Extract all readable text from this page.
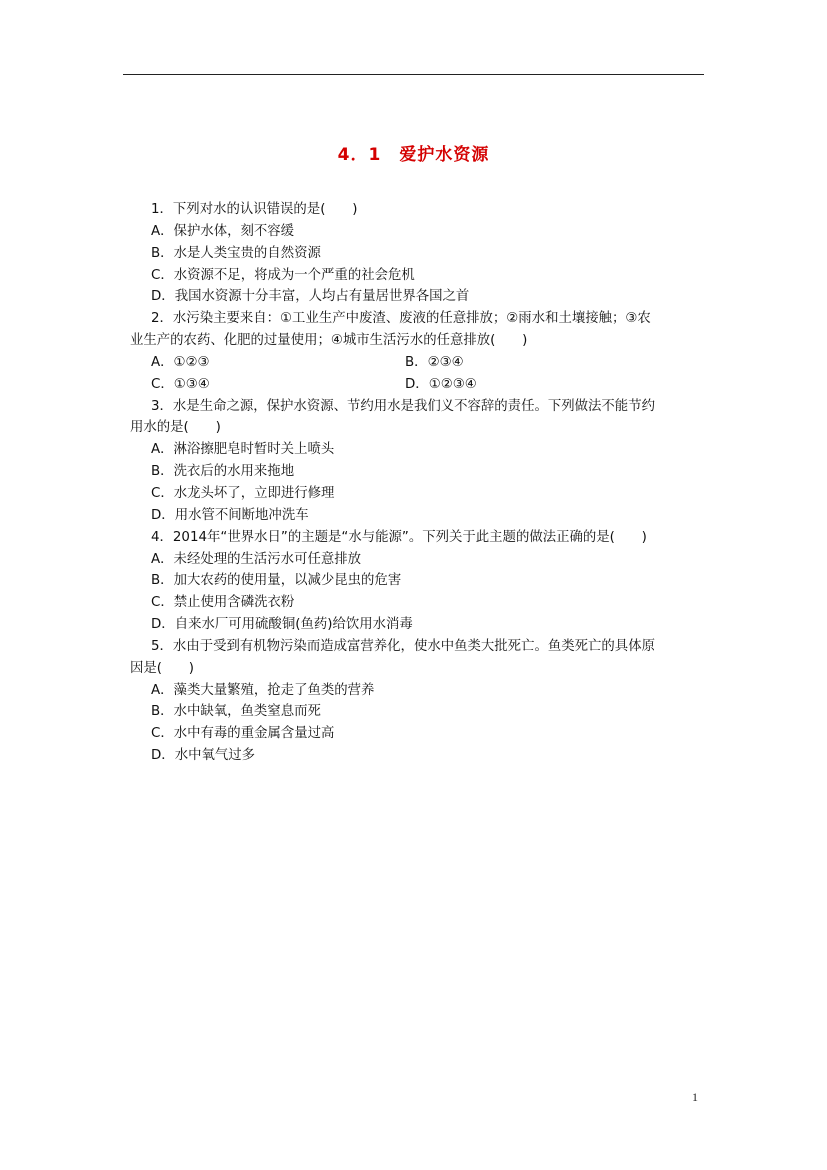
4．1　爱护水资源
1．下列对水的认识错误的是(　　)
A．保护水体，刻不容缓
B．水是人类宝贵的自然资源
C．水资源不足，将成为一个严重的社会危机
D．我国水资源十分丰富，人均占有量居世界各国之首
2．水污染主要来自：①工业生产中废渣、废液的任意排放；②雨水和土壤接触；③农
业生产的农药、化肥的过量使用；④城市生活污水的任意排放(　　)
A．①②③	B．②③④
C．①③④	D．①②③④
3．水是生命之源，保护水资源、节约用水是我们义不容辞的责任。下列做法不能节约
用水的是(　　)
A．淋浴擦肥皂时暂时关上喷头
B．洗衣后的水用来拖地
C．水龙头坏了，立即进行修理
D．用水管不间断地冲洗车
4．2014年“世界水日”的主题是“水与能源”。下列关于此主题的做法正确的是(　　)
A．未经处理的生活污水可任意排放
B．加大农药的使用量，以减少昆虫的危害
C．禁止使用含磷洗衣粉
D．自来水厂可用硫酸铜(鱼药)给饮用水消毒
5．水由于受到有机物污染而造成富营养化，使水中鱼类大批死亡。鱼类死亡的具体原
因是(　　)
A．藻类大量繁殖，抢走了鱼类的营养
B．水中缺氧，鱼类窒息而死
C．水中有毒的重金属含量过高
D．水中氧气过多
1
